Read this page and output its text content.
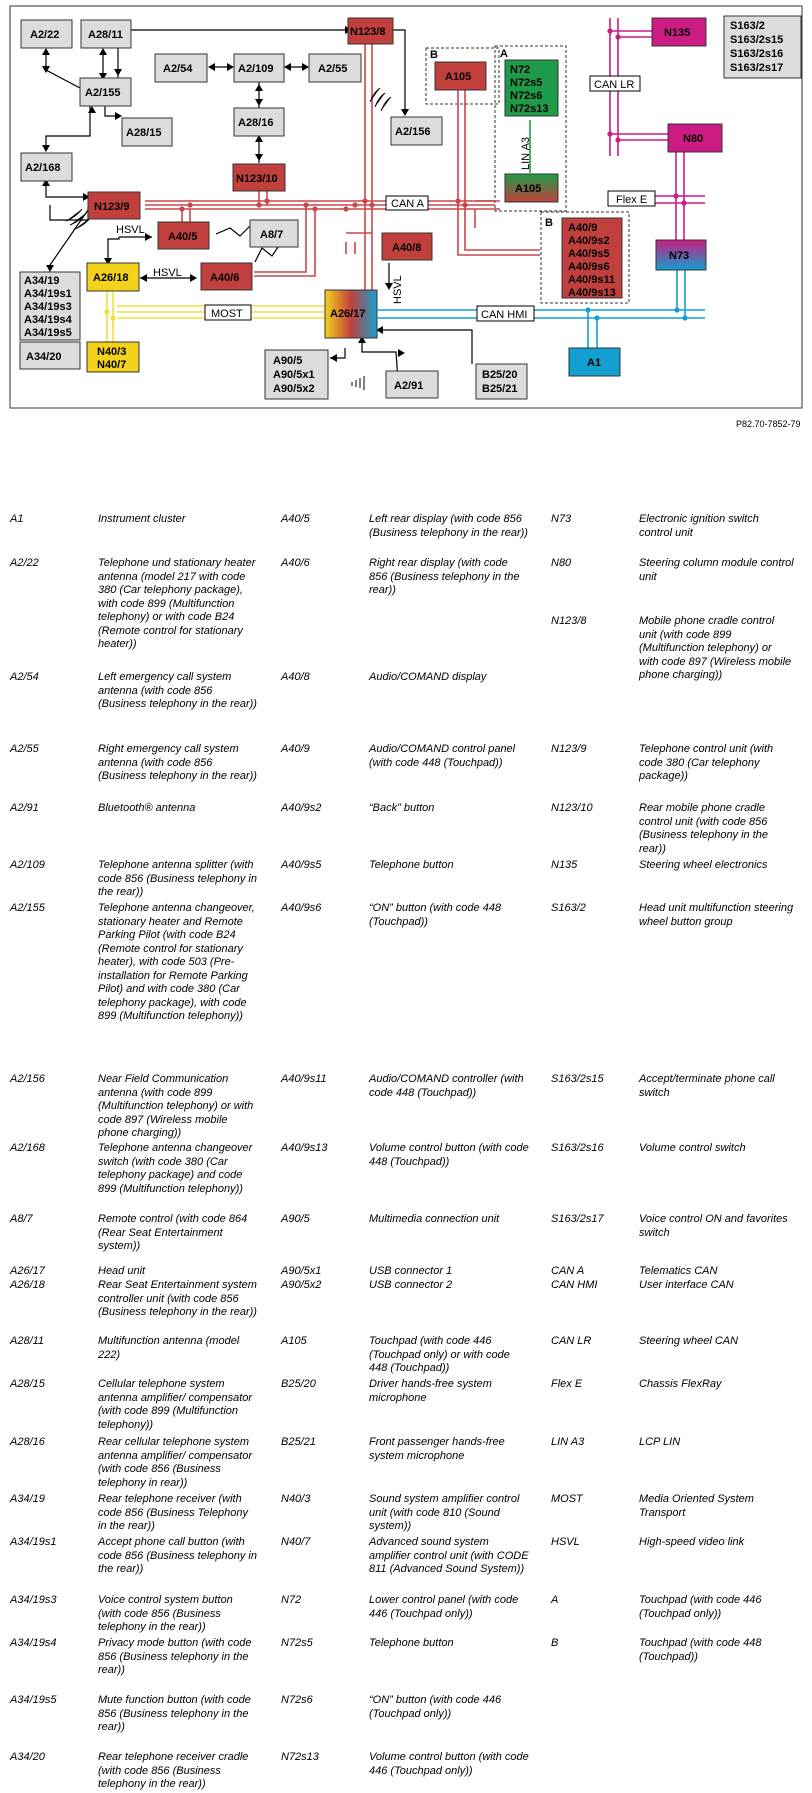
B	A
B
CAN A
CAN LR
Flex E
MOST	CAN HMI
HSVL
HSVL
HSVL
LIN A3
A2/22	A28/11
A2/155
A2/54	A2/109	A2/55
A28/15
A28/16
A2/156
A2/168
A8/7
S163/2
S163/2s15
S163/2s16
S163/2s17
A34/19
A34/19s1
A34/19s3
A34/19s4
A34/19s5
A34/20	A90/5
A90/5x1
A90/5x2	A2/91
B25/20
B25/21
N123/8
N123/10
N123/9
A40/5
A40/6
A40/8
A105
A40/9
A40/9s2
A40/9s5
A40/9s6
A40/9s11
A40/9s13
N72
N72s5
N72s6
N72s13
A105
N135
N80
N73
A26/18
N40/3
N40/7
A26/17
A1
P82.70-7852-79
A1	Instrument cluster
A2/22	Telephone und stationary heater antenna (model 217 with code 380 (Car telephony package), with code 899 (Multifunction telephony) or with code B24 (Remote control for stationary heater))
A2/54	Left emergency call system antenna (with code 856 (Business telephony in the rear))
A2/55	Right emergency call system antenna (with code 856 (Business telephony in the rear))
A2/91	Bluetooth® antenna
A2/109	Telephone antenna splitter (with code 856 (Business telephony in the rear))
A2/155	Telephone antenna changeover, stationary heater and Remote Parking Pilot (with code B24 (Remote control for stationary heater), with code 503 (Pre-installation for Remote Parking Pilot) and with code 380 (Car telephony package), with code 899 (Multifunction telephony))
A2/156	Near Field Communication antenna (with code 899 (Multifunction telephony) or with code 897 (Wireless mobile phone charging))
A2/168	Telephone antenna changeover switch (with code 380 (Car telephony package) and code 899 (Multifunction telephony))
A8/7	Remote control (with code 864 (Rear Seat Entertainment system))
A26/17	Head unit
A26/18	Rear Seat Entertainment system controller unit (with code 856 (Business telephony in the rear))
A28/11	Multifunction antenna (model 222)
A28/15	Cellular telephone system antenna amplifier/ compensator (with code 899 (Multifunction telephony))
A28/16	Rear cellular telephone system antenna amplifier/ compensator (with code 856 (Business telephony in rear))
A34/19	Rear telephone receiver (with code 856 (Business Telephony in the rear))
A34/19s1	Accept phone call button (with code 856 (Business telephony in the rear))
A34/19s3	Voice control system button (with code 856 (Business telephony in the rear))
A34/19s4	Privacy mode button (with code 856 (Business telephony in the rear))
A34/19s5	Mute function button (with code 856 (Business telephony in the rear))
A34/20	Rear telephone receiver cradle (with code 856 (Business telephony in the rear))
A40/5	Left rear display (with code 856 (Business telephony in the rear))
A40/6	Right rear display (with code 856 (Business telephony in the rear))
A40/8	Audio/COMAND display
A40/9	Audio/COMAND control panel (with code 448 (Touchpad))
A40/9s2	“Back” button
A40/9s5	Telephone button
A40/9s6	“ON” button (with code 448 (Touchpad))
A40/9s11	Audio/COMAND controller (with code 448 (Touchpad))
A40/9s13	Volume control button (with code 448 (Touchpad))
A90/5	Multimedia connection unit
A90/5x1	USB connector 1
A90/5x2	USB connector 2
A105	Touchpad (with code 446 (Touchpad only) or with code 448 (Touchpad))
B25/20	Driver hands-free system microphone
B25/21	Front passenger hands-free system microphone
N40/3	Sound system amplifier control unit (with code 810 (Sound system))
N40/7	Advanced sound system amplifier control unit (with CODE 811 (Advanced Sound System))
N72	Lower control panel (with code 446 (Touchpad only))
N72s5	Telephone button
N72s6	“ON” button (with code 446 (Touchpad only))
N72s13	Volume control button (with code 446 (Touchpad only))
N73	Electronic ignition switch control unit
N80	Steering column module control unit
N123/8	Mobile phone cradle control unit (with code 899 (Multifunction telephony) or with code 897 (Wireless mobile phone charging))
N123/9	Telephone control unit (with code 380 (Car telephony package))
N123/10	Rear mobile phone cradle control unit (with code 856 (Business telephony in the rear))
N135	Steering wheel electronics
S163/2	Head unit multifunction steering wheel button group
S163/2s15	Accept/terminate phone call switch
S163/2s16	Volume control switch
S163/2s17	Voice control ON and favorites switch
CAN A	Telematics CAN
CAN HMI	User interface CAN
CAN LR	Steering wheel CAN
Flex E	Chassis FlexRay
LIN A3	LCP LIN
MOST	Media Oriented System Transport
HSVL	High-speed video link
A	Touchpad (with code 446 (Touchpad only))
B	Touchpad (with code 448 (Touchpad))
